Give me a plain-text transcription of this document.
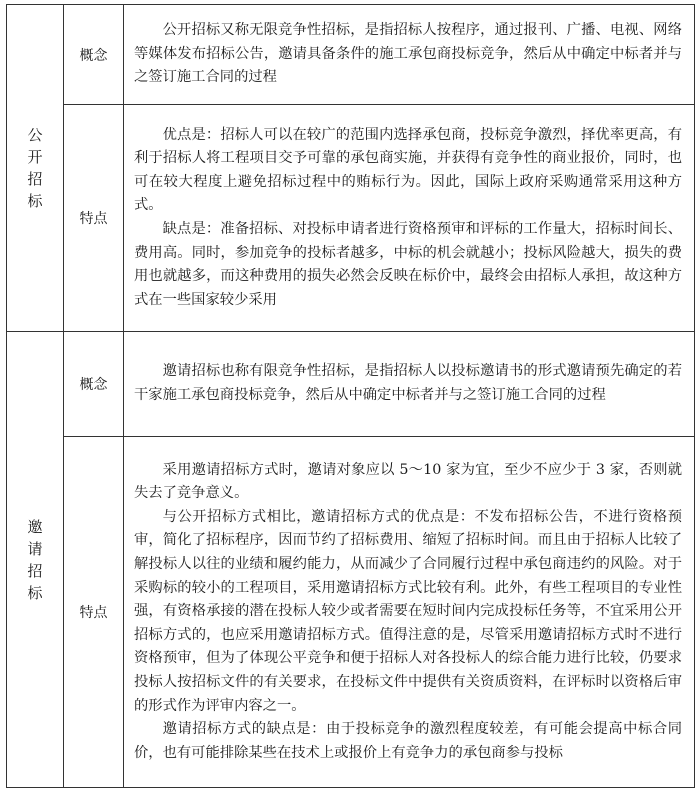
公开招标	概念	公开招标又称无限竞争性招标，是指招标人按程序，通过报刊、广播、电视、网络等媒体发布招标公告，邀请具备条件的施工承包商投标竞争，然后从中确定中标者并与之签订施工合同的过程

	特点	优点是：招标人可以在较广的范围内选择承包商，投标竞争激烈，择优率更高，有利于招标人将工程项目交予可靠的承包商实施，并获得有竞争性的商业报价，同时，也可在较大程度上避免招标过程中的贿标行为。因此，国际上政府采购通常采用这种方式。

缺点是：准备招标、对投标申请者进行资格预审和评标的工作量大，招标时间长、费用高。同时，参加竞争的投标者越多，中标的机会就越小；投标风险越大，损失的费用也就越多，而这种费用的损失必然会反映在标价中，最终会由招标人承担，故这种方式在一些国家较少采用

邀请招标	概念	邀请招标也称有限竞争性招标，是指招标人以投标邀请书的形式邀请预先确定的若干家施工承包商投标竞争，然后从中确定中标者并与之签订施工合同的过程

	特点	采用邀请招标方式时，邀请对象应以 5～10 家为宜，至少不应少于 3 家，否则就失去了竞争意义。

与公开招标方式相比，邀请招标方式的优点是：不发布招标公告，不进行资格预审，简化了招标程序，因而节约了招标费用、缩短了招标时间。而且由于招标人比较了解投标人以往的业绩和履约能力，从而减少了合同履行过程中承包商违约的风险。对于采购标的较小的工程项目，采用邀请招标方式比较有利。此外，有些工程项目的专业性强，有资格承接的潜在投标人较少或者需要在短时间内完成投标任务等，不宜采用公开招标方式的，也应采用邀请招标方式。值得注意的是，尽管采用邀请招标方式时不进行资格预审，但为了体现公平竞争和便于招标人对各投标人的综合能力进行比较，仍要求投标人按招标文件的有关要求，在投标文件中提供有关资质资料，在评标时以资格后审的形式作为评审内容之一。

邀请招标方式的缺点是：由于投标竞争的激烈程度较差，有可能会提高中标合同价，也有可能排除某些在技术上或报价上有竞争力的承包商参与投标
